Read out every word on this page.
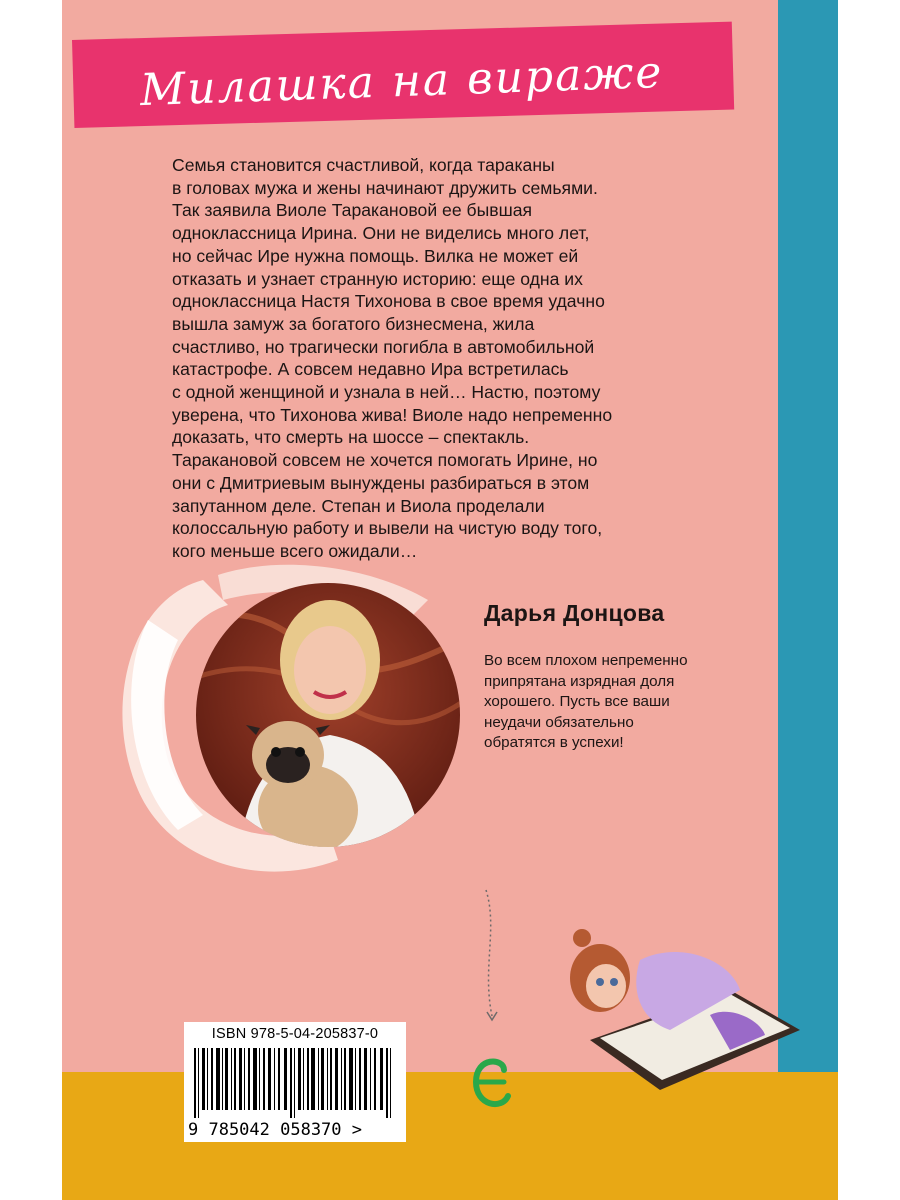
Милашка на вираже

Семья становится счастливой, когда тараканы
в головах мужа и жены начинают дружить семьями.
Так заявила Виоле Таракановой ее бывшая
одноклассница Ирина. Они не виделись много лет,
но сейчас Ире нужна помощь. Вилка не может ей
отказать и узнает странную историю: еще одна их
одноклассница Настя Тихонова в свое время удачно
вышла замуж за богатого бизнесмена, жила
счастливо, но трагически погибла в автомобильной
катастрофе. А совсем недавно Ира встретилась
с одной женщиной и узнала в ней… Настю, поэтому
уверена, что Тихонова жива! Виоле надо непременно
доказать, что смерть на шоссе – спектакль.
Таракановой совсем не хочется помогать Ирине, но
они с Дмитриевым вынуждены разбираться в этом
запутанном деле. Степан и Виола проделали
колоссальную работу и вывели на чистую воду того,
кого меньше всего ожидали…

Дарья Донцова

Во всем плохом непременно
припрятана изрядная доля
хорошего. Пусть все ваши
неудачи обязательно
обратятся в успехи!

ISBN 978-5-04-205837-0
9 785042 058370 >
